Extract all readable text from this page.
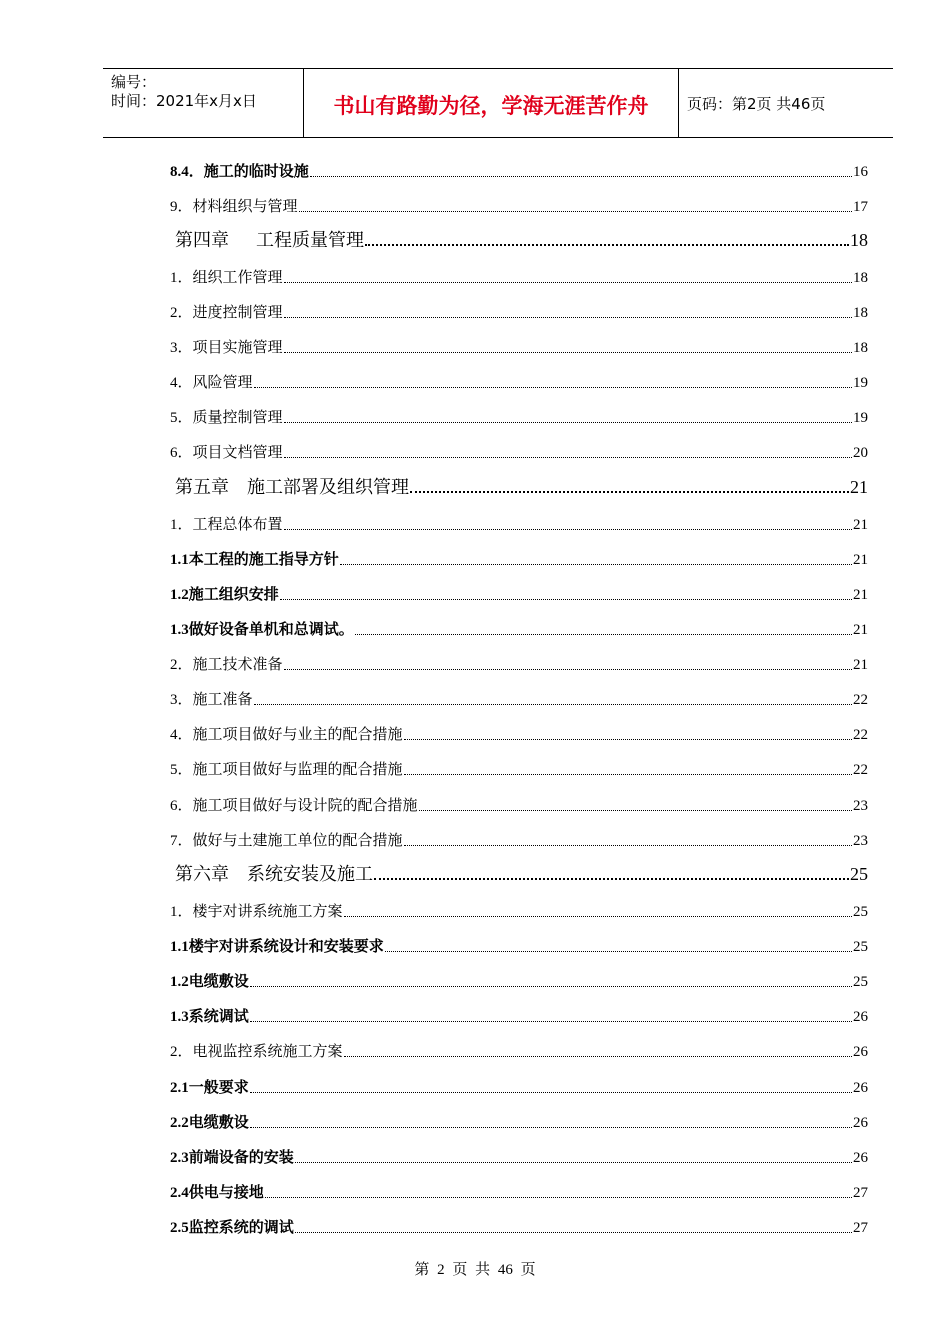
编号：
时间：2021年x月x日	书山有路勤为径，学海无涯苦作舟	页码：第2页 共46页
8.4．施工的临时设施	16
9．材料组织与管理	17
第四章      工程质量管理	18
1．组织工作管理	18
2．进度控制管理	18
3．项目实施管理	18
4．风险管理	19
5．质量控制管理	19
6．项目文档管理	20
第五章    施工部署及组织管理	21
1．工程总体布置	21
1.1本工程的施工指导方针	21
1.2施工组织安排	21
1.3做好设备单机和总调试。	21
2．施工技术准备	21
3．施工准备	22
4．施工项目做好与业主的配合措施	22
5．施工项目做好与监理的配合措施	22
6．施工项目做好与设计院的配合措施	23
7．做好与土建施工单位的配合措施	23
第六章    系统安装及施工	25
1．楼宇对讲系统施工方案	25
1.1楼宇对讲系统设计和安装要求	25
1.2电缆敷设	25
1.3系统调试	26
2．电视监控系统施工方案	26
2.1一般要求	26
2.2电缆敷设	26
2.3前端设备的安装	26
2.4供电与接地	27
2.5监控系统的调试	27
第 2 页 共 46 页
